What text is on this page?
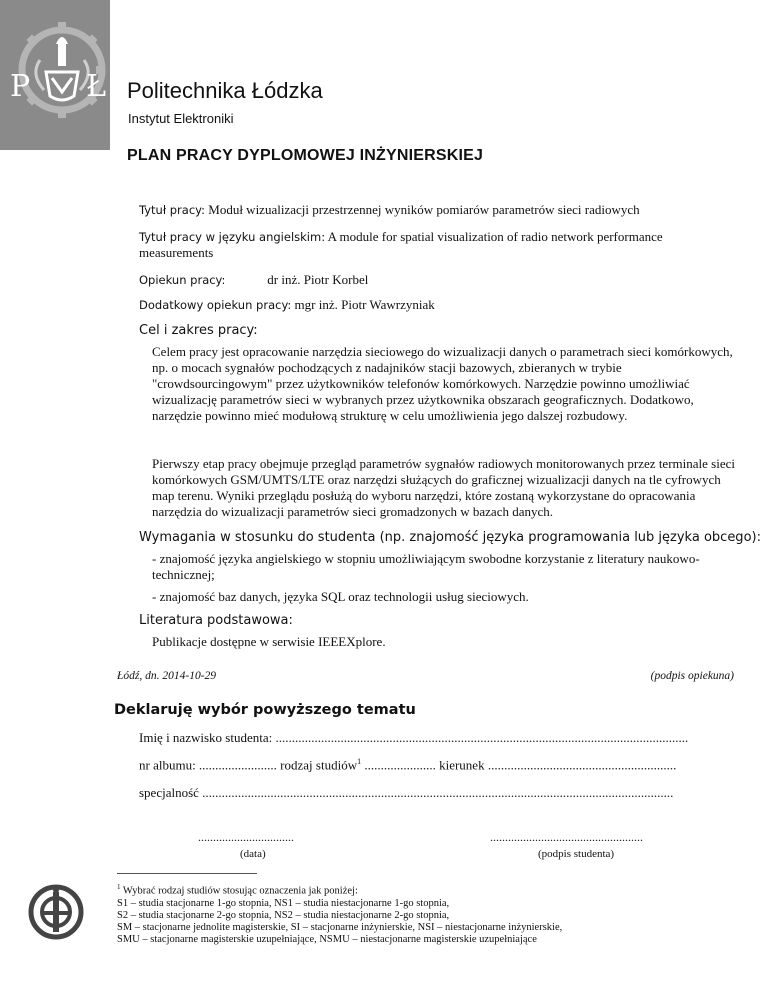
P Ł Politechnika Łódzka
Instytut Elektroniki
PLAN PRACY DYPLOMOWEJ INŻYNIERSKIEJ
Tytuł pracy: Moduł wizualizacji przestrzennej wyników pomiarów parametrów sieci radiowych
Tytuł pracy w języku angielskim: A module for spatial visualization of radio network performance
measurements
Opiekun pracy:	dr inż. Piotr Korbel
Dodatkowy opiekun pracy: mgr inż. Piotr Wawrzyniak
Cel i zakres pracy:

Celem pracy jest opracowanie narzędzia sieciowego do wizualizacji danych o parametrach sieci komórkowych, np. o mocach sygnałów pochodzących z nadajników stacji bazowych, zbieranych w trybie "crowdsourcingowym" przez użytkowników telefonów komórkowych. Narzędzie powinno umożliwiać wizualizację parametrów sieci w wybranych przez użytkownika obszarach geograficznych. Dodatkowo, narzędzie powinno mieć modułową strukturę w celu umożliwienia jego dalszej rozbudowy.

Pierwszy etap pracy obejmuje przegląd parametrów sygnałów radiowych monitorowanych przez terminale sieci komórkowych GSM/UMTS/LTE oraz narzędzi służących do graficznej wizualizacji danych na tle cyfrowych map terenu. Wyniki przeglądu posłużą do wyboru narzędzi, które zostaną wykorzystane do opracowania narzędzia do wizualizacji parametrów sieci gromadzonych w bazach danych.

Wymagania w stosunku do studenta (np. znajomość języka programowania lub języka obcego):

- znajomość języka angielskiego w stopniu umożliwiającym swobodne korzystanie z literatury naukowo-technicznej;

- znajomość baz danych, języka SQL oraz technologii usług sieciowych.

Literatura podstawowa:

Publikacje dostępne w serwisie IEEEXplore.

Łódź, dn. 2014-10-29	(podpis opiekuna)
Deklaruję wybór powyższego tematu
Imię i nazwisko studenta: ...............................................................................................................................
nr albumu: ........................ rodzaj studiów$^1$ ...................... kierunek ..........................................................
specjalność .................................................................................................................................................
................................
(data)
...................................................
(podpis studenta)
$^1$ Wybrać rodzaj studiów stosując oznaczenia jak poniżej:
S1 – studia stacjonarne 1-go stopnia, NS1 – studia niestacjonarne 1-go stopnia,
S2 – studia stacjonarne 2-go stopnia, NS2 – studia niestacjonarne 2-go stopnia,
SM – stacjonarne jednolite magisterskie, SI – stacjonarne inżynierskie, NSI – niestacjonarne inżynierskie,
SMU – stacjonarne magisterskie uzupełniające, NSMU – niestacjonarne magisterskie uzupełniające
